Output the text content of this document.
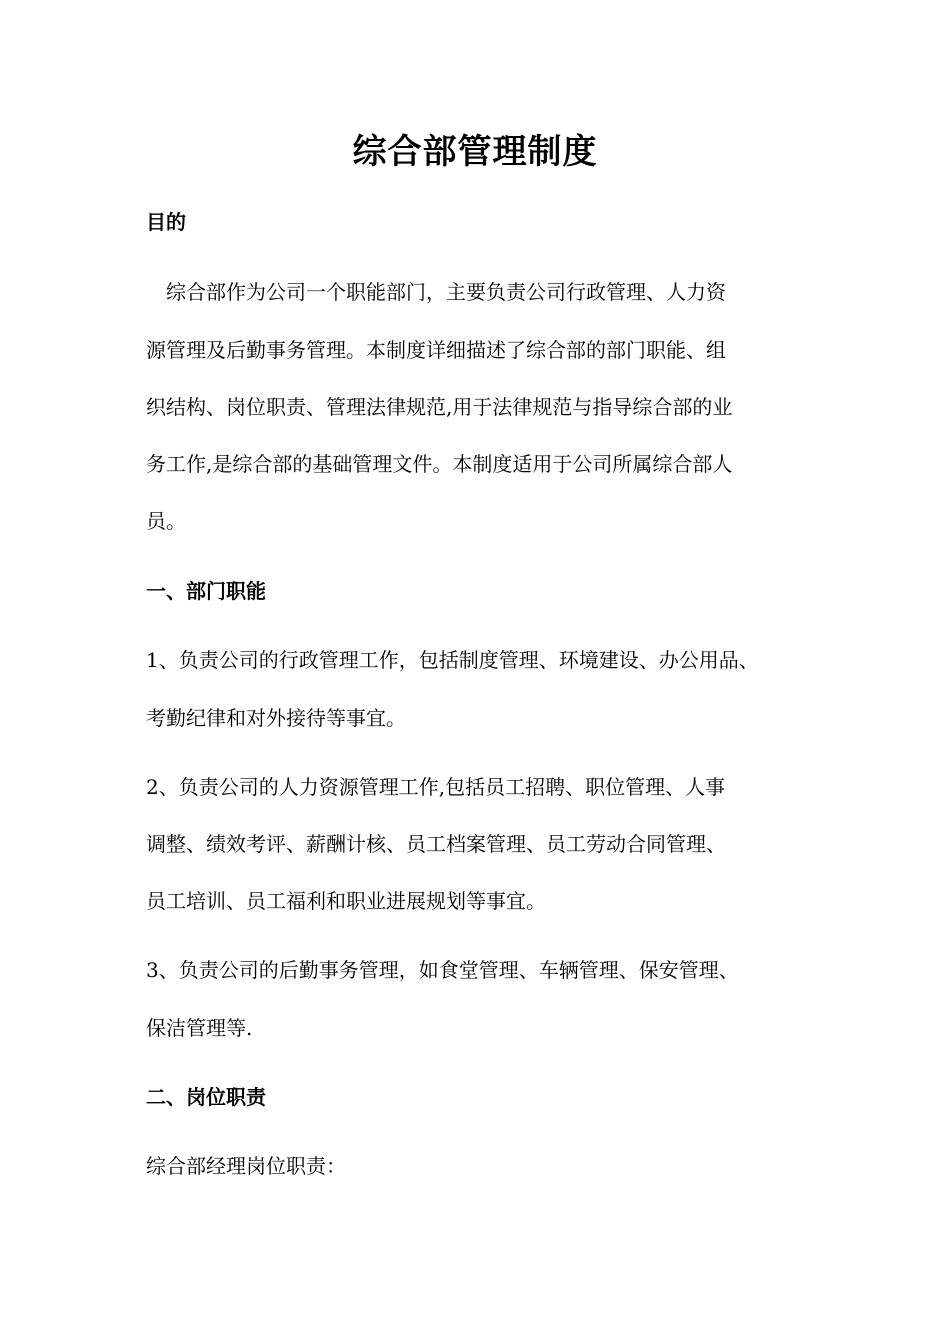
综合部管理制度
目的
　综合部作为公司一个职能部门，主要负责公司行政管理、人力资
源管理及后勤事务管理。本制度详细描述了综合部的部门职能、组
织结构、岗位职责、管理法律规范,用于法律规范与指导综合部的业
务工作,是综合部的基础管理文件。本制度适用于公司所属综合部人
员。
一、部门职能
1、负责公司的行政管理工作，包括制度管理、环境建设、办公用品、
考勤纪律和对外接待等事宜。
2、负责公司的人力资源管理工作,包括员工招聘、职位管理、人事
调整、绩效考评、薪酬计核、员工档案管理、员工劳动合同管理、
员工培训、员工福利和职业进展规划等事宜。
3、负责公司的后勤事务管理，如食堂管理、车辆管理、保安管理、
保洁管理等.
二、岗位职责
综合部经理岗位职责：
